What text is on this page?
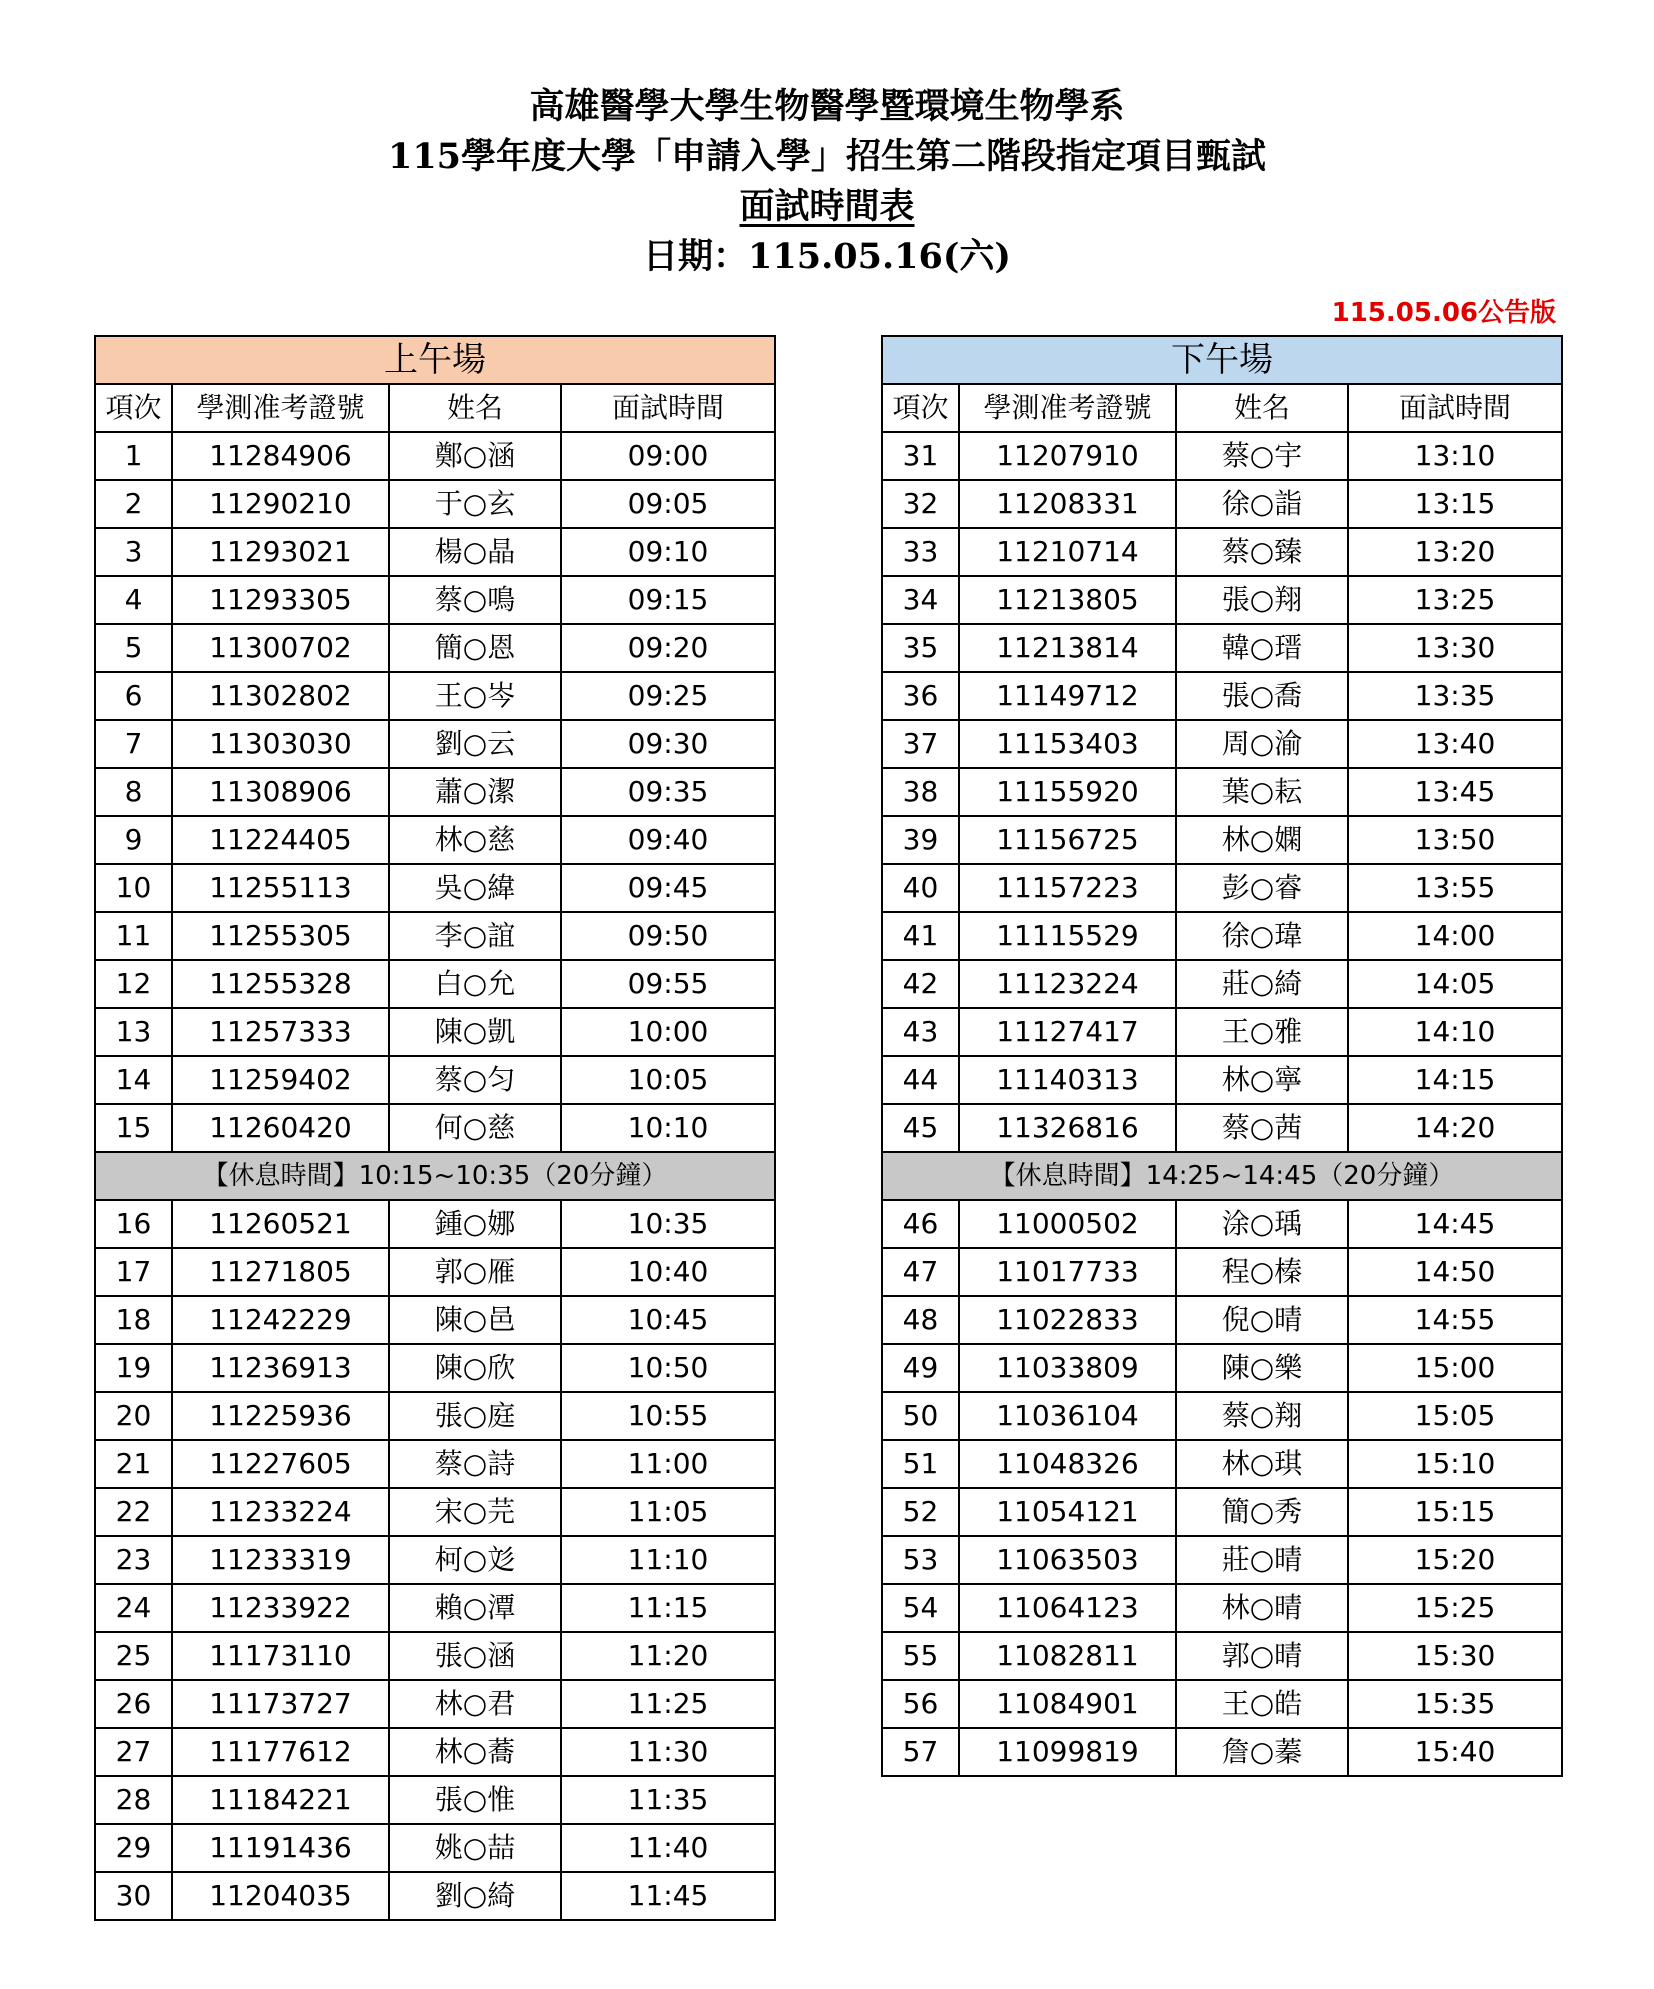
高雄醫學大學生物醫學暨環境生物學系
115學年度大學「申請入學」招生第二階段指定項目甄試
面試時間表
日期：115.05.16(六)
115.05.06公告版
上午場			
項次	學測准考證號	姓名	面試時間
1	11284906	鄭○涵	09:00
2	11290210	于○玄	09:05
3	11293021	楊○晶	09:10
4	11293305	蔡○鳴	09:15
5	11300702	簡○恩	09:20
6	11302802	王○岑	09:25
7	11303030	劉○云	09:30
8	11308906	蕭○潔	09:35
9	11224405	林○慈	09:40
10	11255113	吳○緯	09:45
11	11255305	李○誼	09:50
12	11255328	白○允	09:55
13	11257333	陳○凱	10:00
14	11259402	蔡○匀	10:05
15	11260420	何○慈	10:10
【休息時間】10:15~10:35（20分鐘）			
16	11260521	鍾○娜	10:35
17	11271805	郭○雁	10:40
18	11242229	陳○邑	10:45
19	11236913	陳○欣	10:50
20	11225936	張○庭	10:55
21	11227605	蔡○詩	11:00
22	11233224	宋○芫	11:05
23	11233319	柯○彣	11:10
24	11233922	賴○潭	11:15
25	11173110	張○涵	11:20
26	11173727	林○君	11:25
27	11177612	林○蕎	11:30
28	11184221	張○惟	11:35
29	11191436	姚○喆	11:40
30	11204035	劉○綺	11:45
下午場			
項次	學測准考證號	姓名	面試時間
31	11207910	蔡○宇	13:10
32	11208331	徐○詣	13:15
33	11210714	蔡○臻	13:20
34	11213805	張○翔	13:25
35	11213814	韓○瑨	13:30
36	11149712	張○喬	13:35
37	11153403	周○渝	13:40
38	11155920	葉○耘	13:45
39	11156725	林○嫻	13:50
40	11157223	彭○睿	13:55
41	11115529	徐○瑋	14:00
42	11123224	莊○綺	14:05
43	11127417	王○雅	14:10
44	11140313	林○寧	14:15
45	11326816	蔡○茜	14:20
【休息時間】14:25~14:45（20分鐘）			
46	11000502	涂○瑀	14:45
47	11017733	程○榛	14:50
48	11022833	倪○晴	14:55
49	11033809	陳○樂	15:00
50	11036104	蔡○翔	15:05
51	11048326	林○琪	15:10
52	11054121	簡○秀	15:15
53	11063503	莊○晴	15:20
54	11064123	林○晴	15:25
55	11082811	郭○晴	15:30
56	11084901	王○皓	15:35
57	11099819	詹○蓁	15:40
